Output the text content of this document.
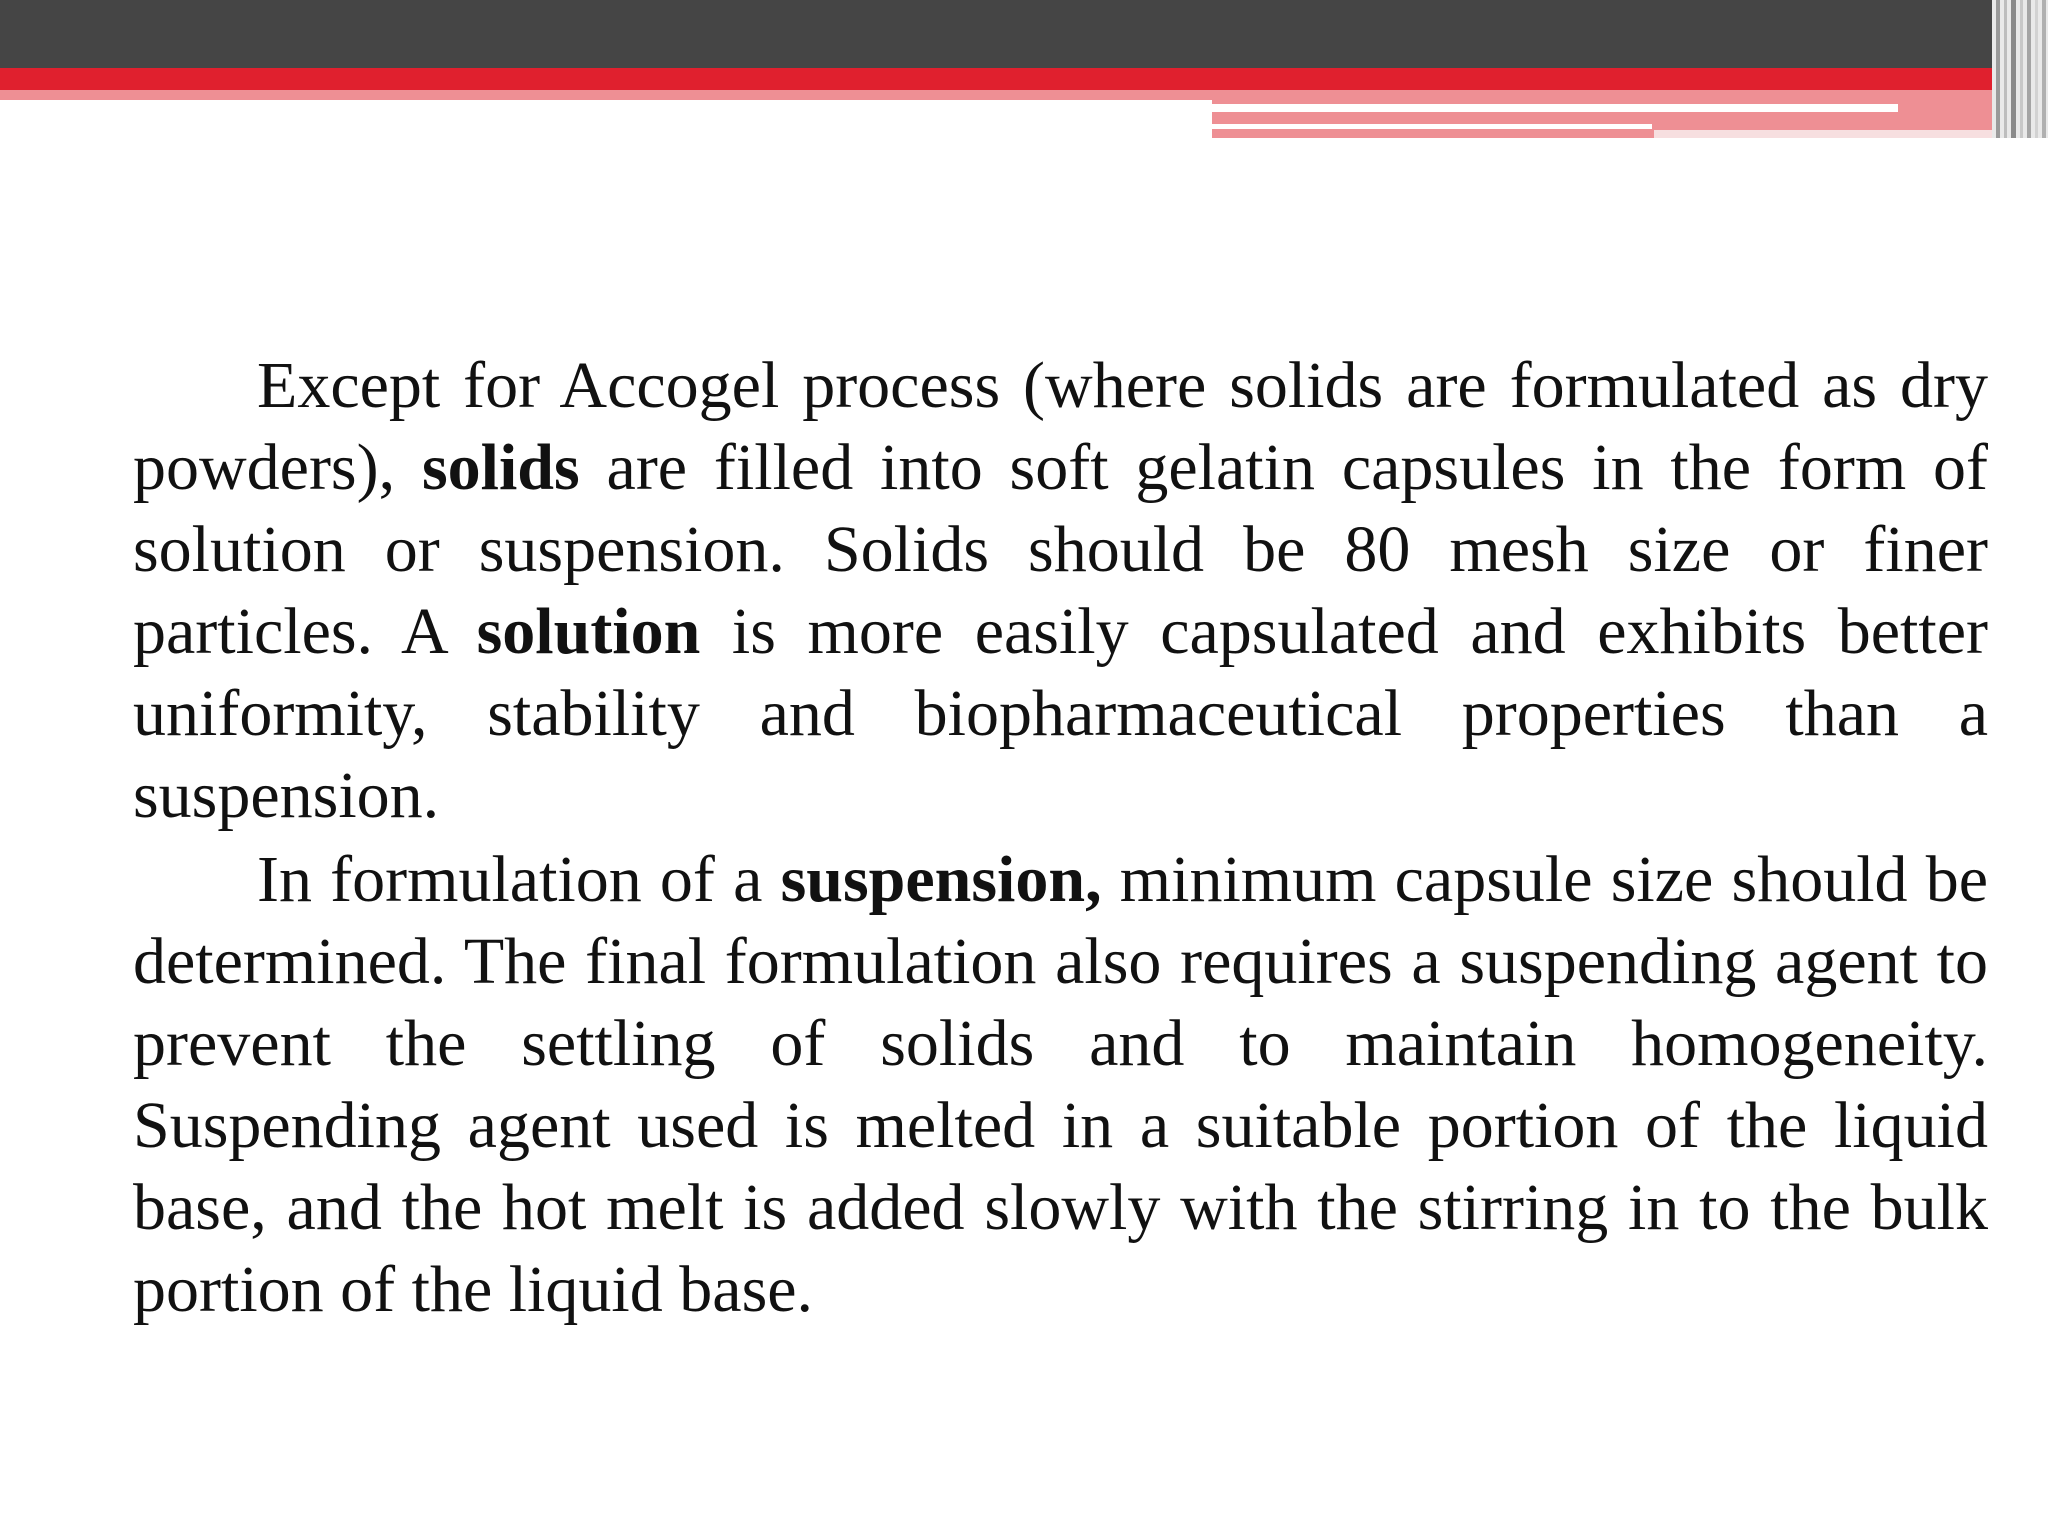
Except for Accogel process (where solids are formulated as dry powders), solids are filled into soft gelatin capsules in the form of solution or suspension. Solids should be 80 mesh size or finer particles. A solution is more easily capsulated and exhibits better uniformity, stability and biopharmaceutical properties than a suspension.

In formulation of a suspension, minimum capsule size should be determined. The final formulation also requires a suspending agent to prevent the settling of solids and to maintain homogeneity. Suspending agent used is melted in a suitable portion of the liquid base, and the hot melt is added slowly with the stirring in to the bulk portion of the liquid base.
